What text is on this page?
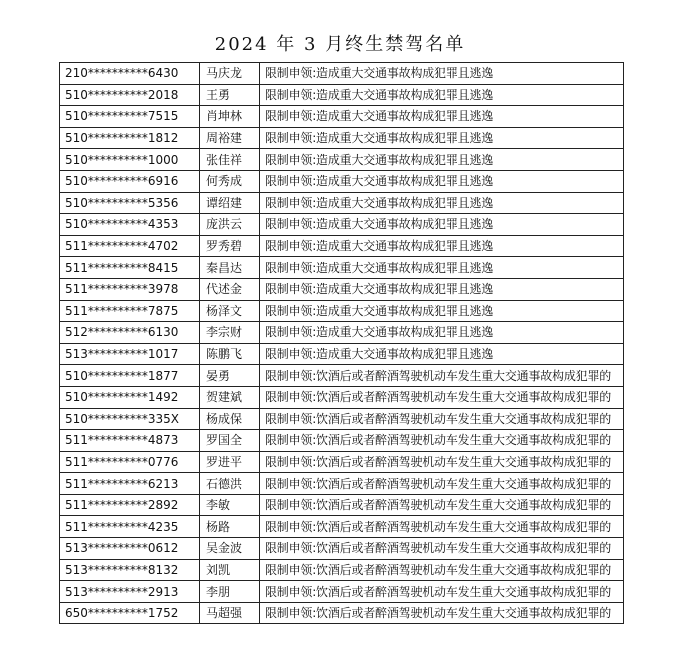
2024 年 3 月终生禁驾名单
210**********6430	马庆龙	限制申领:造成重大交通事故构成犯罪且逃逸
510**********2018	王勇	限制申领:造成重大交通事故构成犯罪且逃逸
510**********7515	肖坤林	限制申领:造成重大交通事故构成犯罪且逃逸
510**********1812	周裕建	限制申领:造成重大交通事故构成犯罪且逃逸
510**********1000	张佳祥	限制申领:造成重大交通事故构成犯罪且逃逸
510**********6916	何秀成	限制申领:造成重大交通事故构成犯罪且逃逸
510**********5356	谭绍建	限制申领:造成重大交通事故构成犯罪且逃逸
510**********4353	庞洪云	限制申领:造成重大交通事故构成犯罪且逃逸
511**********4702	罗秀碧	限制申领:造成重大交通事故构成犯罪且逃逸
511**********8415	秦昌达	限制申领:造成重大交通事故构成犯罪且逃逸
511**********3978	代述金	限制申领:造成重大交通事故构成犯罪且逃逸
511**********7875	杨泽文	限制申领:造成重大交通事故构成犯罪且逃逸
512**********6130	李宗财	限制申领:造成重大交通事故构成犯罪且逃逸
513**********1017	陈鹏飞	限制申领:造成重大交通事故构成犯罪且逃逸
510**********1877	晏勇	限制申领:饮酒后或者醉酒驾驶机动车发生重大交通事故构成犯罪的
510**********1492	贺建斌	限制申领:饮酒后或者醉酒驾驶机动车发生重大交通事故构成犯罪的
510**********335X	杨成保	限制申领:饮酒后或者醉酒驾驶机动车发生重大交通事故构成犯罪的
511**********4873	罗国全	限制申领:饮酒后或者醉酒驾驶机动车发生重大交通事故构成犯罪的
511**********0776	罗进平	限制申领:饮酒后或者醉酒驾驶机动车发生重大交通事故构成犯罪的
511**********6213	石德洪	限制申领:饮酒后或者醉酒驾驶机动车发生重大交通事故构成犯罪的
511**********2892	李敏	限制申领:饮酒后或者醉酒驾驶机动车发生重大交通事故构成犯罪的
511**********4235	杨路	限制申领:饮酒后或者醉酒驾驶机动车发生重大交通事故构成犯罪的
513**********0612	吴金波	限制申领:饮酒后或者醉酒驾驶机动车发生重大交通事故构成犯罪的
513**********8132	刘凯	限制申领:饮酒后或者醉酒驾驶机动车发生重大交通事故构成犯罪的
513**********2913	李朋	限制申领:饮酒后或者醉酒驾驶机动车发生重大交通事故构成犯罪的
650**********1752	马超强	限制申领:饮酒后或者醉酒驾驶机动车发生重大交通事故构成犯罪的
